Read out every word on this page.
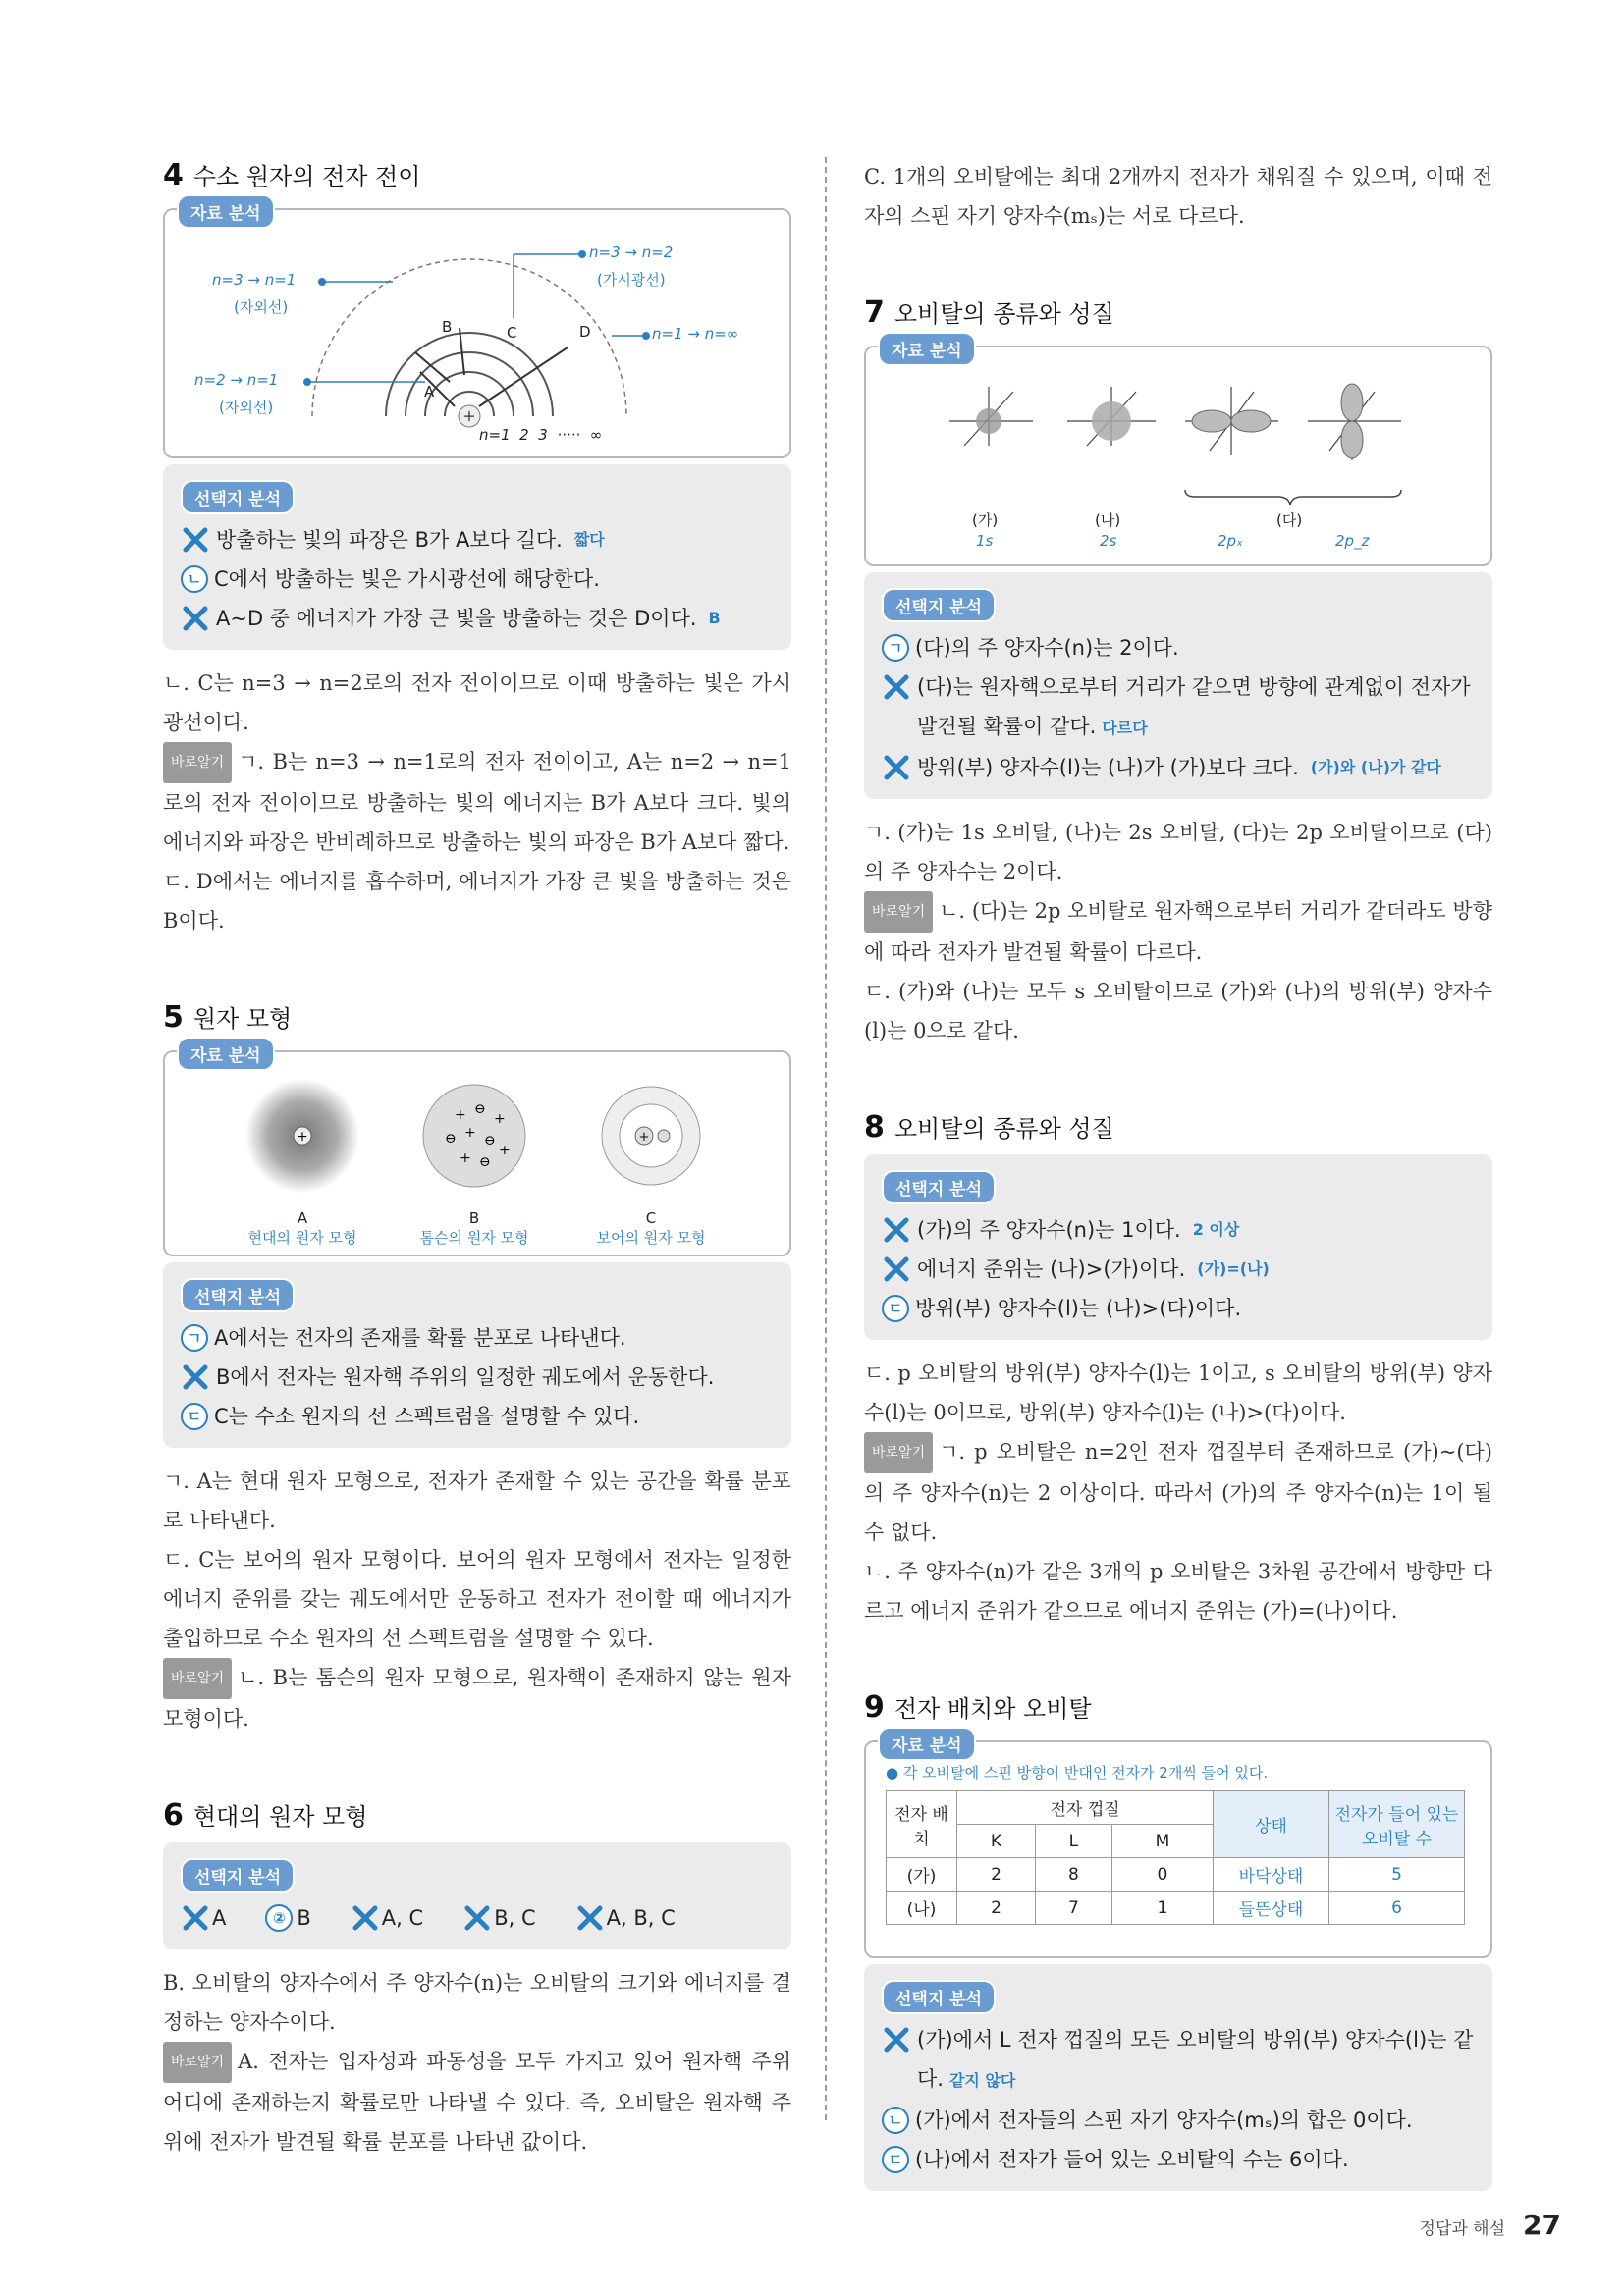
4 수소 원자의 전자 전이
자료 분석
+
n=3 → n=1
(자외선)
n=2 → n=1
(자외선)
n=3 → n=2
(가시광선)
n=1 → n=∞
A
B	C	D
n=1  2  3  ·····  ∞
선택지 분석
방출하는 빛의 파장은 B가 A보다 길다. 짧다
ㄴ C에서 방출하는 빛은 가시광선에 해당한다.
A~D 중 에너지가 가장 큰 빛을 방출하는 것은 D이다. B

ㄴ. C는 n=3 → n=2로의 전자 전이이므로 이때 방출하는 빛은 가시광선이다.

바로알기 ㄱ. B는 n=3 → n=1로의 전자 전이이고, A는 n=2 → n=1로의 전자 전이이므로 방출하는 빛의 에너지는 B가 A보다 크다. 빛의 에너지와 파장은 반비례하므로 방출하는 빛의 파장은 B가 A보다 짧다.

ㄷ. D에서는 에너지를 흡수하며, 에너지가 가장 큰 빛을 방출하는 것은 B이다.

5 원자 모형
자료 분석
+
+ ⊖
+
⊖ + ⊖
+ ⊖
+
+
A
현대의 원자 모형
B
톰슨의 원자 모형
C
보어의 원자 모형
선택지 분석
ㄱ A에서는 전자의 존재를 확률 분포로 나타낸다.
B에서 전자는 원자핵 주위의 일정한 궤도에서 운동한다.
ㄷ C는 수소 원자의 선 스펙트럼을 설명할 수 있다.

ㄱ. A는 현대 원자 모형으로, 전자가 존재할 수 있는 공간을 확률 분포로 나타낸다.

ㄷ. C는 보어의 원자 모형이다. 보어의 원자 모형에서 전자는 일정한 에너지 준위를 갖는 궤도에서만 운동하고 전자가 전이할 때 에너지가 출입하므로 수소 원자의 선 스펙트럼을 설명할 수 있다.

바로알기 ㄴ. B는 톰슨의 원자 모형으로, 원자핵이 존재하지 않는 원자 모형이다.

6 현대의 원자 모형
선택지 분석
A	② B	A, C	B, C	A, B, C

B. 오비탈의 양자수에서 주 양자수(n)는 오비탈의 크기와 에너지를 결정하는 양자수이다.

바로알기 A. 전자는 입자성과 파동성을 모두 가지고 있어 원자핵 주위 어디에 존재하는지 확률로만 나타낼 수 있다. 즉, 오비탈은 원자핵 주위에 전자가 발견될 확률 분포를 나타낸 값이다.

C. 1개의 오비탈에는 최대 2개까지 전자가 채워질 수 있으며, 이때 전자의 스핀 자기 양자수(mₛ)는 서로 다르다.

7 오비탈의 종류와 성질
자료 분석
(가)
1s
(나)
2s
(다)
2pₓ	2p_z
선택지 분석
ㄱ (다)의 주 양자수(n)는 2이다.
(다)는 원자핵으로부터 거리가 같으면 방향에 관계없이 전자가 발견될 확률이 같다. 다르다
방위(부) 양자수(l)는 (나)가 (가)보다 크다. (가)와 (나)가 같다

ㄱ. (가)는 1s 오비탈, (나)는 2s 오비탈, (다)는 2p 오비탈이므로 (다)의 주 양자수는 2이다.

바로알기 ㄴ. (다)는 2p 오비탈로 원자핵으로부터 거리가 같더라도 방향에 따라 전자가 발견될 확률이 다르다.

ㄷ. (가)와 (나)는 모두 s 오비탈이므로 (가)와 (나)의 방위(부) 양자수(l)는 0으로 같다.

8 오비탈의 종류와 성질
선택지 분석
(가)의 주 양자수(n)는 1이다. 2 이상
에너지 준위는 (나)>(가)이다. (가)=(나)
ㄷ 방위(부) 양자수(l)는 (나)>(다)이다.

ㄷ. p 오비탈의 방위(부) 양자수(l)는 1이고, s 오비탈의 방위(부) 양자수(l)는 0이므로, 방위(부) 양자수(l)는 (나)>(다)이다.

바로알기 ㄱ. p 오비탈은 n=2인 전자 껍질부터 존재하므로 (가)~(다)의 주 양자수(n)는 2 이상이다. 따라서 (가)의 주 양자수(n)는 1이 될 수 없다.

ㄴ. 주 양자수(n)가 같은 3개의 p 오비탈은 3차원 공간에서 방향만 다르고 에너지 준위가 같으므로 에너지 준위는 (가)=(나)이다.

9 전자 배치와 오비탈
자료 분석
● 각 오비탈에 스핀 방향이 반대인 전자가 2개씩 들어 있다.
전자 배치	전자 껍질			상태	전자가 들어 있는 오비탈 수
	K	L	M		
(가)	2	8	0	바닥상태	5
(나)	2	7	1	들뜬상태	6
선택지 분석
(가)에서 L 전자 껍질의 모든 오비탈의 방위(부) 양자수(l)는 같다. 같지 않다
ㄴ (가)에서 전자들의 스핀 자기 양자수(mₛ)의 합은 0이다.
ㄷ (나)에서 전자가 들어 있는 오비탈의 수는 6이다.
정답과 해설 27
